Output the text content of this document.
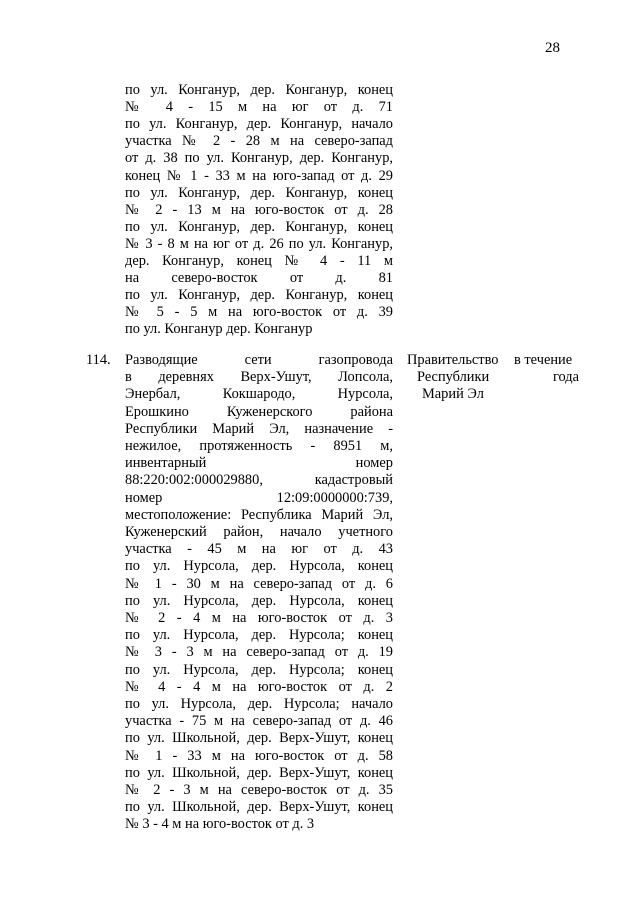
28
по ул. Конганур, дер. Конганур, конец
№ 4 - 15 м на юг от д. 71
по ул. Конганур, дер. Конганур, начало
участка № 2 - 28 м на северо-запад
от д. 38 по ул. Конганур, дер. Конганур,
конец № 1 - 33 м на юго-запад от д. 29
по ул. Конганур, дер. Конганур, конец
№ 2 - 13 м на юго-восток от д. 28
по ул. Конганур, дер. Конганур, конец
№ 3 - 8 м на юг от д. 26 по ул. Конганур,
дер. Конганур, конец № 4 - 11 м
на северо-восток от д. 81
по ул. Конганур, дер. Конганур, конец
№ 5 - 5 м на юго-восток от д. 39
по ул. Конганур дер. Конганур
114. Разводящие сети газопровода
в деревнях Верх-Ушут, Лопсола,
Энербал, Кокшародо, Нурсола,
Ерошкино Куженерского района
Республики Марий Эл, назначение -
нежилое, протяженность - 8951 м,
инвентарный номер
88:220:002:000029880, кадастровый
номер 12:09:0000000:739,
местоположение: Республика Марий Эл,
Куженерский район, начало учетного
участка - 45 м на юг от д. 43
по ул. Нурсола, дер. Нурсола, конец
№ 1 - 30 м на северо-запад от д. 6
по ул. Нурсола, дер. Нурсола, конец
№ 2 - 4 м на юго-восток от д. 3
по ул. Нурсола, дер. Нурсола; конец
№ 3 - 3 м на северо-запад от д. 19
по ул. Нурсола, дер. Нурсола; конец
№ 4 - 4 м на юго-восток от д. 2
по ул. Нурсола, дер. Нурсола; начало
участка - 75 м на северо-запад от д. 46
по ул. Школьной, дер. Верх-Ушут, конец
№ 1 - 33 м на юго-восток от д. 58
по ул. Школьной, дер. Верх-Ушут, конец
№ 2 - 3 м на северо-восток от д. 35
по ул. Школьной, дер. Верх-Ушут, конец
№ 3 - 4 м на юго-восток от д. 3
Правительство
Республики
Марий Эл
в течение
года
